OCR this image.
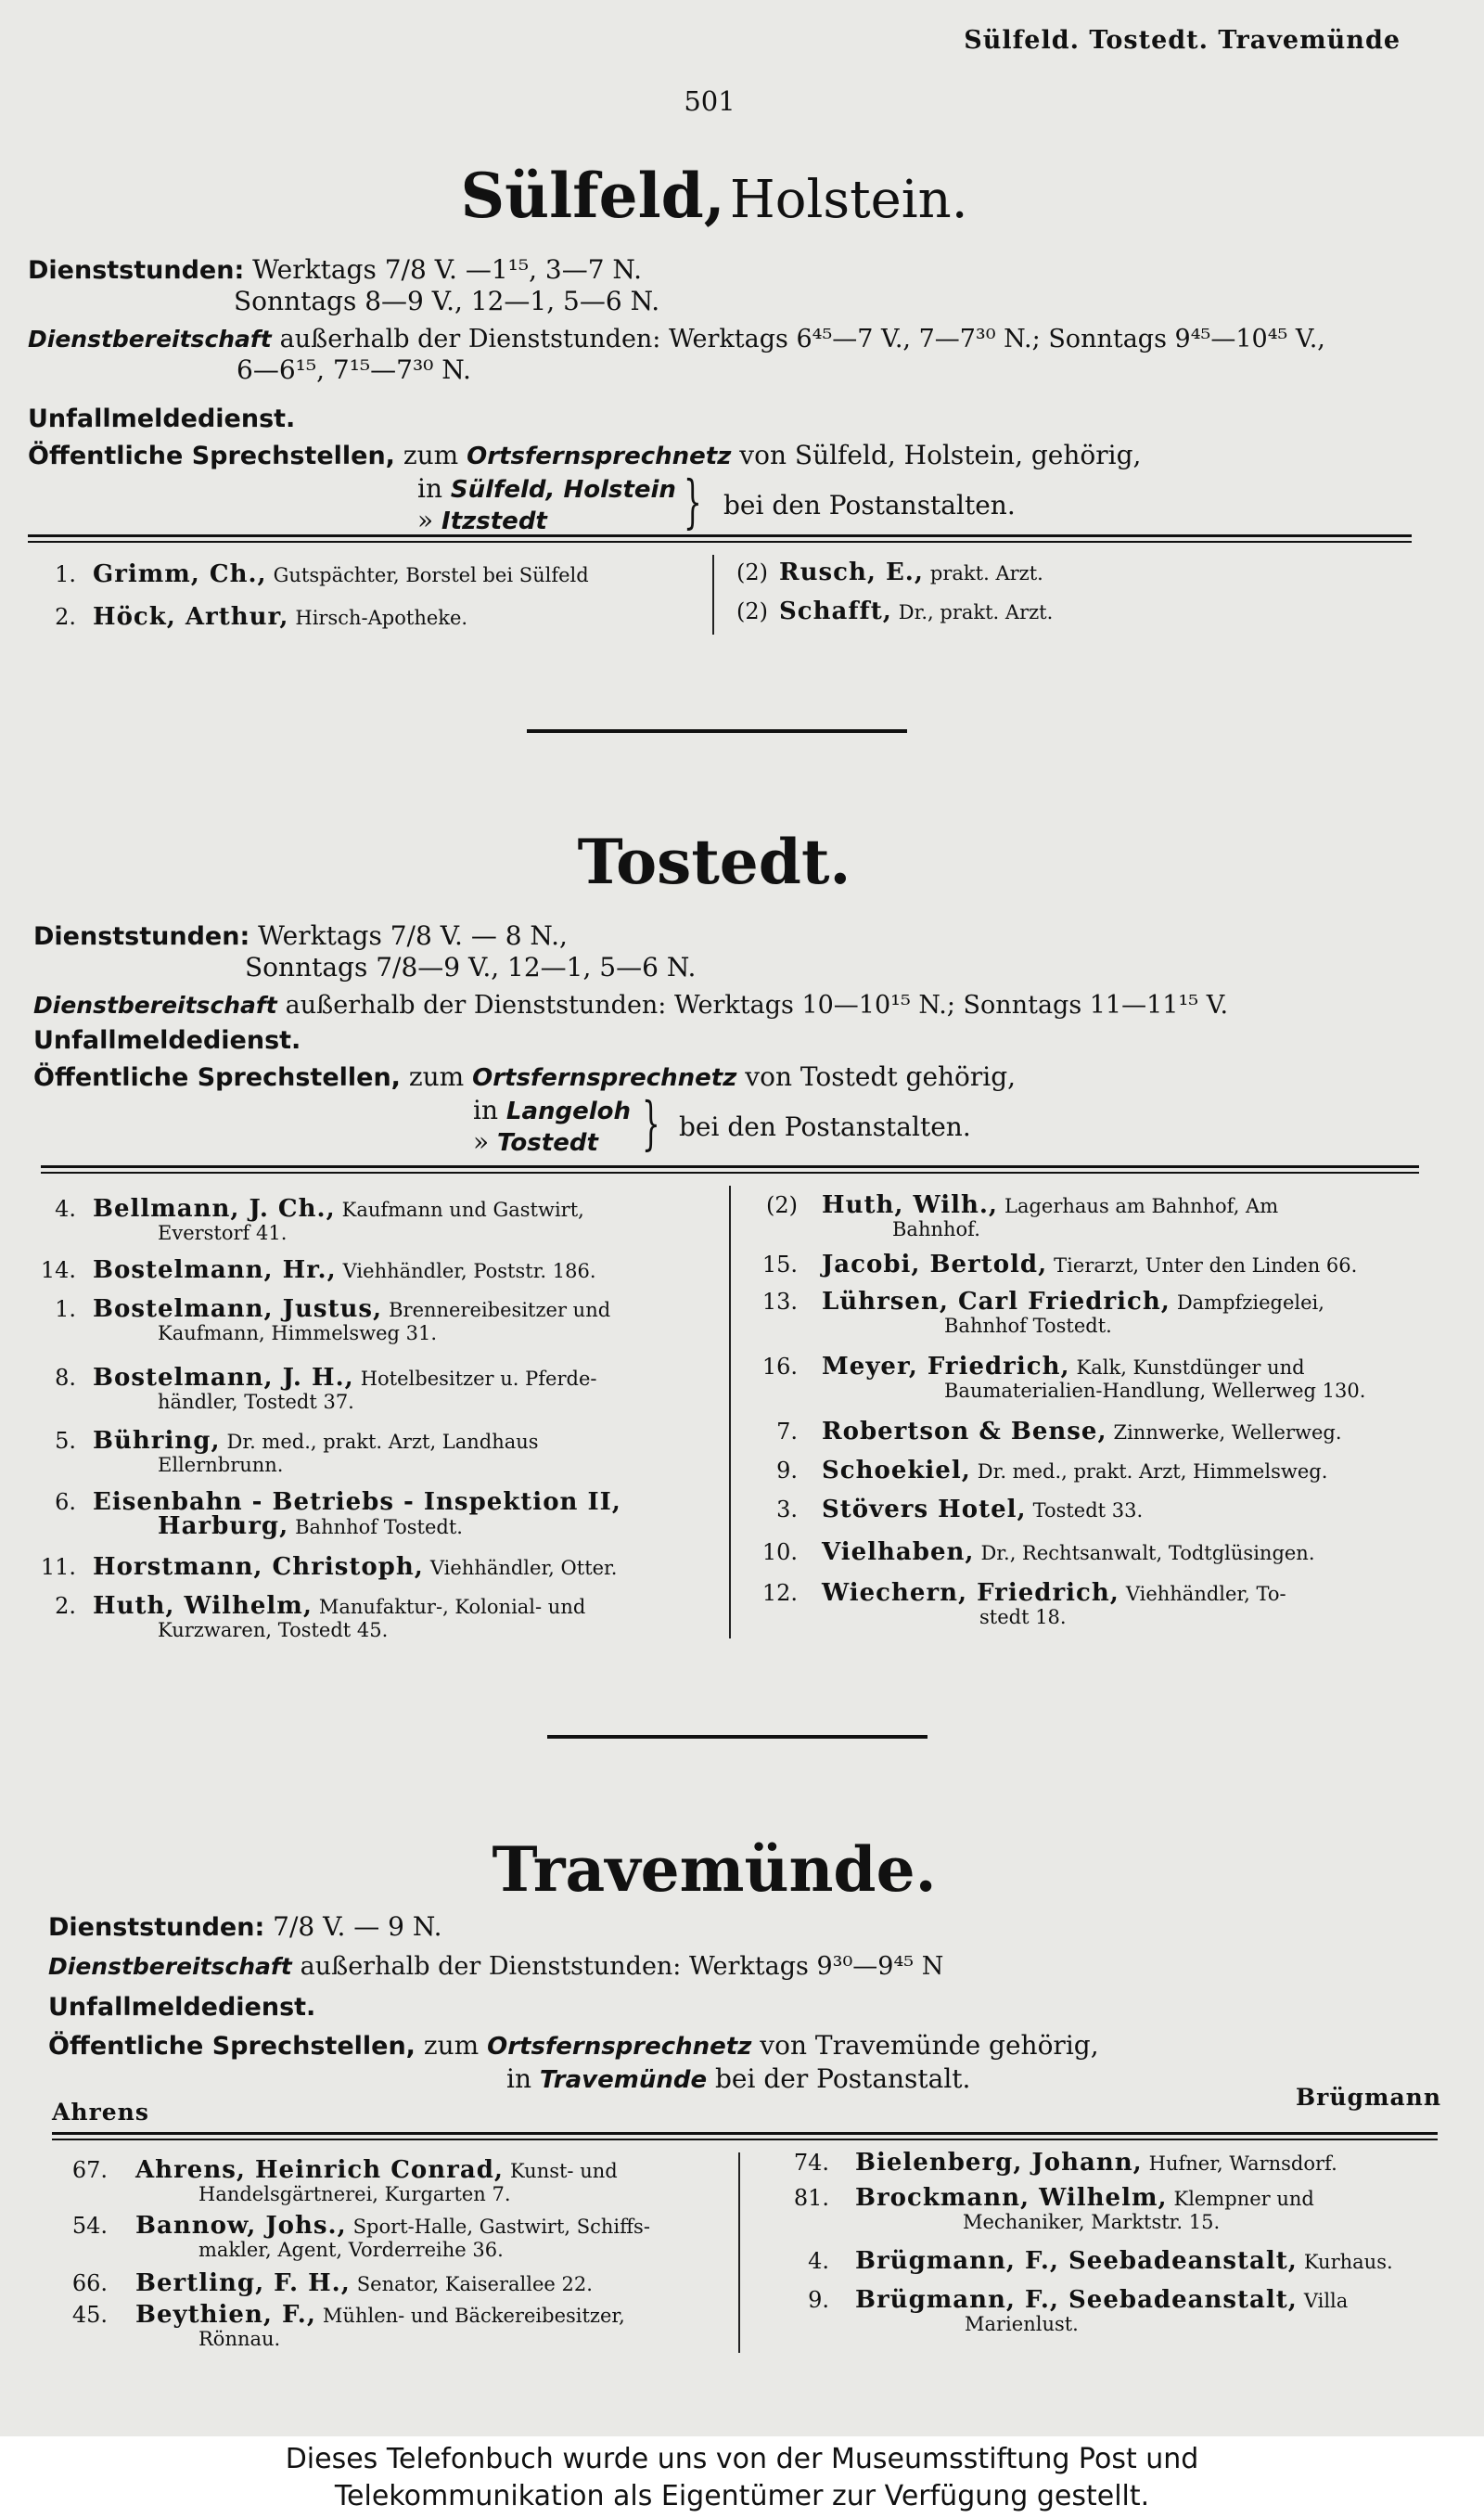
Sülfeld. Tostedt. Travemünde
501
Sülfeld, Holstein.
Dienststunden: Werktags 7/8 V. —1¹⁵, 3—7 N.
Sonntags 8—9 V., 12—1, 5—6 N.
Dienstbereitschaft außerhalb der Dienststunden: Werktags 6⁴⁵—7 V., 7—7³⁰ N.; Sonntags 9⁴⁵—10⁴⁵ V.,
6—6¹⁵, 7¹⁵—7³⁰ N.
Unfallmeldedienst.
Öffentliche Sprechstellen, zum Ortsfernsprechnetz von Sülfeld, Holstein, gehörig,
in Sülfeld, Holstein
» Itzstedt } bei den Postanstalten.
1. Grimm, Ch., Gutspächter, Borstel bei Sülfeld
2. Höck, Arthur, Hirsch-Apotheke.
(2) Rusch, E., prakt. Arzt.
(2) Schafft, Dr., prakt. Arzt.
Tostedt.
Dienststunden: Werktags 7/8 V. — 8 N.,
Sonntags 7/8—9 V., 12—1, 5—6 N.
Dienstbereitschaft außerhalb der Dienststunden: Werktags 10—10¹⁵ N.; Sonntags 11—11¹⁵ V.
Unfallmeldedienst.
Öffentliche Sprechstellen, zum Ortsfernsprechnetz von Tostedt gehörig,
in Langeloh
» Tostedt } bei den Postanstalten.
4. Bellmann, J. Ch., Kaufmann und Gastwirt,
Everstorf 41.
14. Bostelmann, Hr., Viehhändler, Poststr. 186.
1. Bostelmann, Justus, Brennereibesitzer und
Kaufmann, Himmelsweg 31.
8. Bostelmann, J. H., Hotelbesitzer u. Pferde-
händler, Tostedt 37.
5. Bühring, Dr. med., prakt. Arzt, Landhaus
Ellernbrunn.
6. Eisenbahn - Betriebs - Inspektion II,
Harburg, Bahnhof Tostedt.
11. Horstmann, Christoph, Viehhändler, Otter.
2. Huth, Wilhelm, Manufaktur-, Kolonial- und
Kurzwaren, Tostedt 45.
(2) Huth, Wilh., Lagerhaus am Bahnhof, Am
Bahnhof.
15. Jacobi, Bertold, Tierarzt, Unter den Linden 66.
13. Lührsen, Carl Friedrich, Dampfziegelei,
Bahnhof Tostedt.
16. Meyer, Friedrich, Kalk, Kunstdünger und
Baumaterialien-Handlung, Wellerweg 130.
7. Robertson & Bense, Zinnwerke, Wellerweg.
9. Schoekiel, Dr. med., prakt. Arzt, Himmelsweg.
3. Stövers Hotel, Tostedt 33.
10. Vielhaben, Dr., Rechtsanwalt, Todtglüsingen.
12. Wiechern, Friedrich, Viehhändler, To-
stedt 18.
Travemünde.
Dienststunden: 7/8 V. — 9 N.
Dienstbereitschaft außerhalb der Dienststunden: Werktags 9³⁰—9⁴⁵ N
Unfallmeldedienst.
Öffentliche Sprechstellen, zum Ortsfernsprechnetz von Travemünde gehörig,
in Travemünde bei der Postanstalt.
Ahrens
Brügmann
67. Ahrens, Heinrich Conrad, Kunst- und
Handelsgärtnerei, Kurgarten 7.
54. Bannow, Johs., Sport-Halle, Gastwirt, Schiffs-
makler, Agent, Vorderreihe 36.
66. Bertling, F. H., Senator, Kaiserallee 22.
45. Beythien, F., Mühlen- und Bäckereibesitzer,
Rönnau.
74. Bielenberg, Johann, Hufner, Warnsdorf.
81. Brockmann, Wilhelm, Klempner und
Mechaniker, Marktstr. 15.
4. Brügmann, F., Seebadeanstalt, Kurhaus.
9. Brügmann, F., Seebadeanstalt, Villa
Marienlust.
Dieses Telefonbuch wurde uns von der Museumsstiftung Post und
Telekommunikation als Eigentümer zur Verfügung gestellt.
